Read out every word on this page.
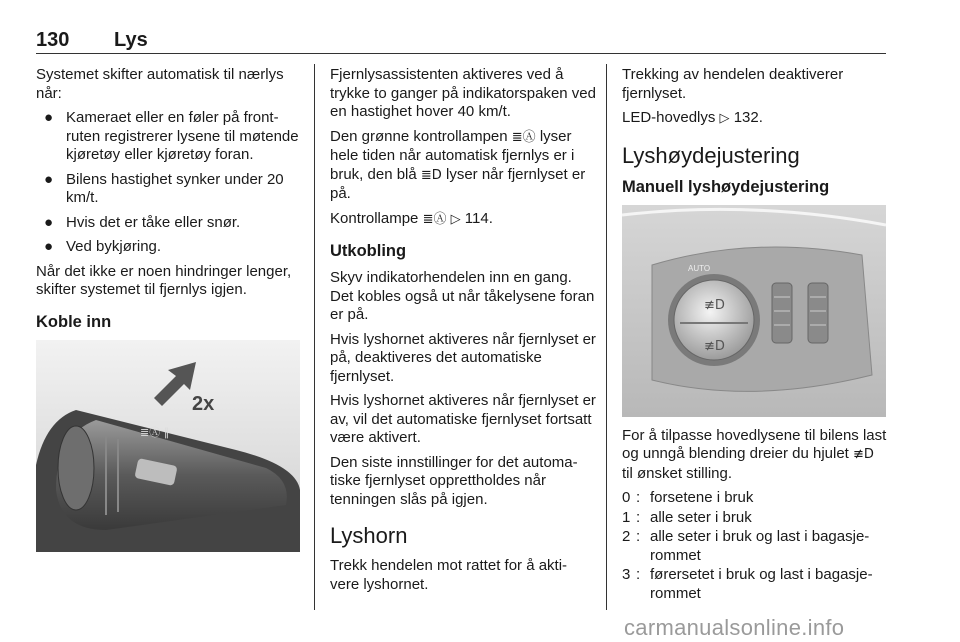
130 Lys

Systemet skifter automatisk til nærlys når:

● Kameraet eller en føler på front-ruten registrerer lysene til møtende kjøretøy eller kjøretøy foran.
● Bilens hastighet synker under 20 km/t.
● Hvis det er tåke eller snør.
● Ved bykjøring.

Når det ikke er noen hindringer lenger, skifter systemet til fjernlys igjen.

Koble inn
≣Ⓐ ∥
2x

Fjernlysassistenten aktiveres ved å trykke to ganger på indikatorspaken ved en hastighet hover 40 km/t.

Den grønne kontrollampen ≣Ⓐ lyser hele tiden når automatisk fjernlys er i bruk, den blå ≣D lyser når fjernlyset er på.

Kontrollampe ≣Ⓐ ▷ 114.

Utkobling

Skyv indikatorhendelen inn en gang. Det kobles også ut når tåkelysene foran er på.

Hvis lyshornet aktiveres når fjernlyset er på, deaktiveres det automatiske fjernlyset.

Hvis lyshornet aktiveres når fjernlyset er av, vil det automatiske fjernlyset fortsatt være aktivert.

Den siste innstillinger for det automa-tiske fjernlyset opprettholdes når tenningen slås på igjen.

Lyshorn

Trekk hendelen mot rattet for å akti-vere lyshornet.

Trekking av hendelen deaktiverer fjernlyset.

LED-hovedlys ▷ 132.

Lyshøydejustering
Manuell lyshøydejustering
≢D
≢D
AUTO

For å tilpasse hovedlysene til bilens last og unngå blending dreier du hjulet ≢D til ønsket stilling.

0 : forsetene i bruk
1 : alle seter i bruk
2 : alle seter i bruk og last i bagasje-rommet
3 : førersetet i bruk og last i bagasje-rommet
carmanualsonline.info
